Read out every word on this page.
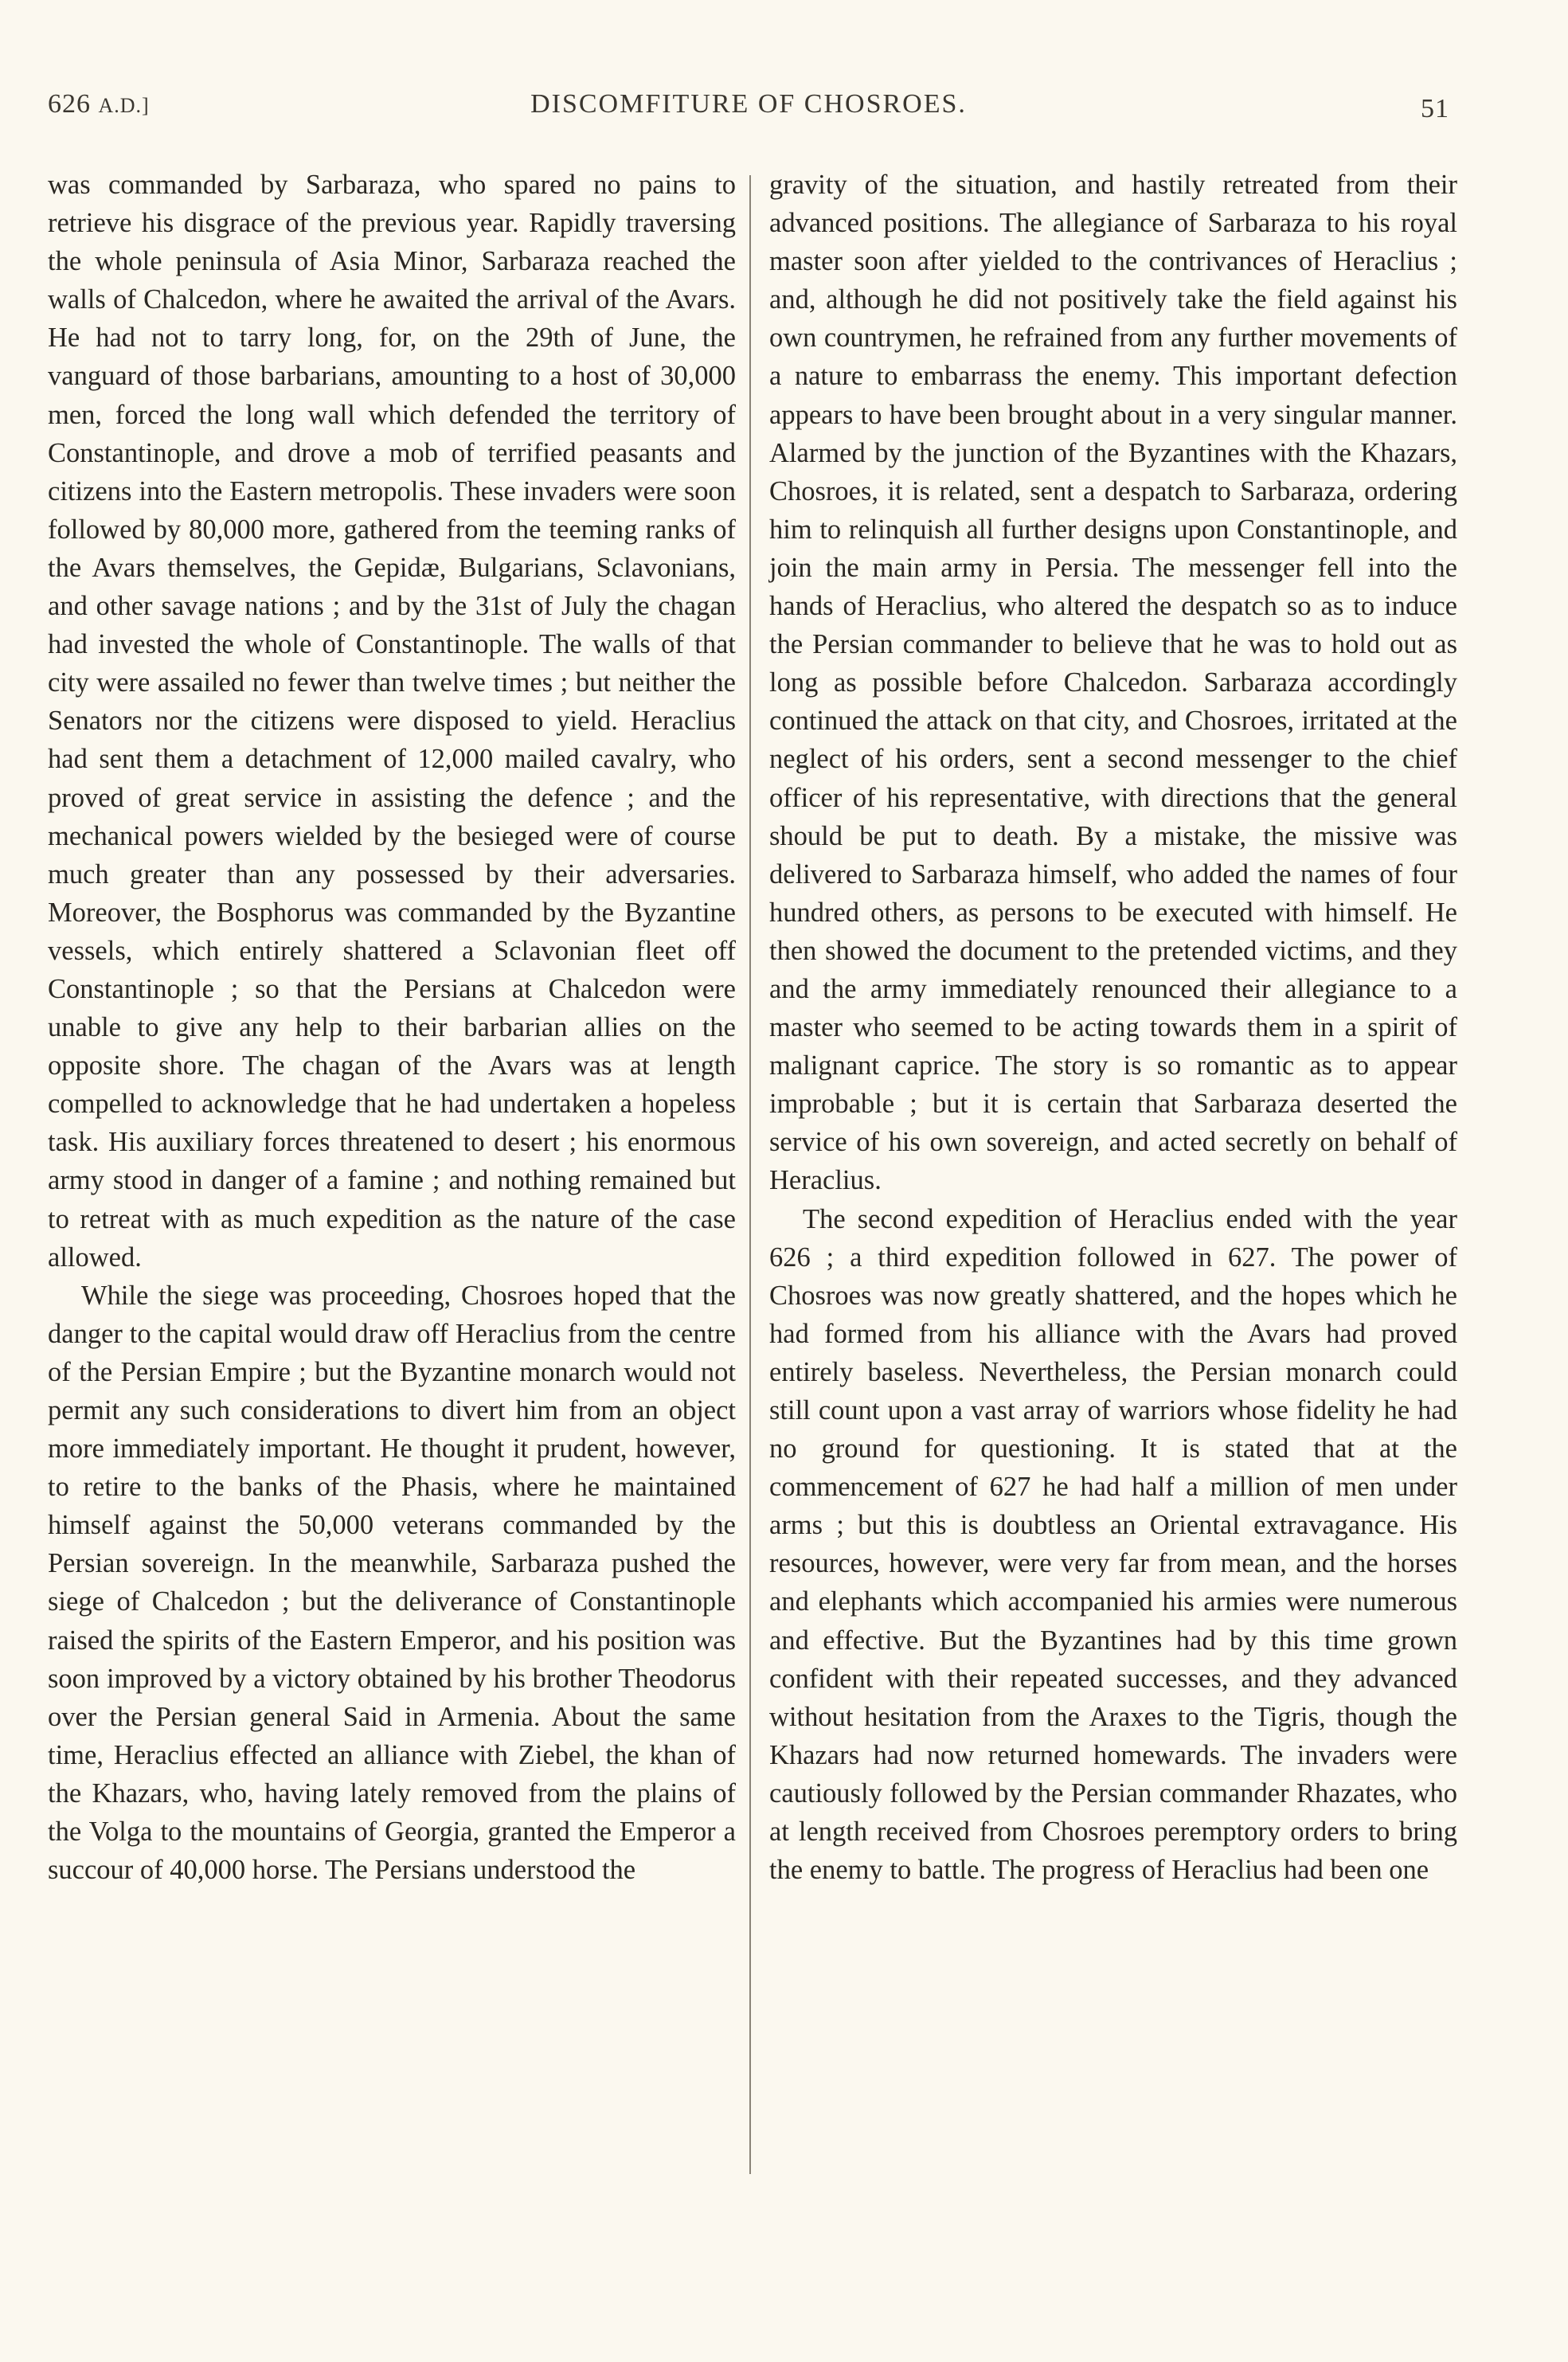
626 A.D.]	DISCOMFITURE OF CHOSROES.	51

was commanded by Sarbaraza, who spared no pains to retrieve his disgrace of the previous year. Rapidly traversing the whole peninsula of Asia Minor, Sarbaraza reached the walls of Chalcedon, where he awaited the arrival of the Avars. He had not to tarry long, for, on the 29th of June, the vanguard of those barbarians, amounting to a host of 30,000 men, forced the long wall which defended the territory of Constantinople, and drove a mob of terrified peasants and citizens into the Eastern metropolis. These invaders were soon followed by 80,000 more, gathered from the teeming ranks of the Avars themselves, the Gepidæ, Bulgarians, Sclavonians, and other savage nations ; and by the 31st of July the chagan had invested the whole of Constantinople. The walls of that city were assailed no fewer than twelve times ; but neither the Senators nor the citizens were disposed to yield. Heraclius had sent them a detachment of 12,000 mailed cavalry, who proved of great service in assisting the defence ; and the mechanical powers wielded by the besieged were of course much greater than any possessed by their adversaries. Moreover, the Bosphorus was commanded by the Byzantine vessels, which entirely shattered a Sclavonian fleet off Constantinople ; so that the Persians at Chalcedon were unable to give any help to their barbarian allies on the opposite shore. The chagan of the Avars was at length compelled to acknowledge that he had undertaken a hopeless task. His auxiliary forces threatened to desert ; his enormous army stood in danger of a famine ; and nothing remained but to retreat with as much expedition as the nature of the case allowed.

While the siege was proceeding, Chosroes hoped that the danger to the capital would draw off Heraclius from the centre of the Persian Empire ; but the Byzantine monarch would not permit any such considerations to divert him from an object more immediately important. He thought it prudent, however, to retire to the banks of the Phasis, where he maintained himself against the 50,000 veterans commanded by the Persian sovereign. In the meanwhile, Sarbaraza pushed the siege of Chalcedon ; but the deliverance of Constantinople raised the spirits of the Eastern Emperor, and his position was soon improved by a victory obtained by his brother Theodorus over the Persian general Said in Armenia. About the same time, Heraclius effected an alliance with Ziebel, the khan of the Khazars, who, having lately removed from the plains of the Volga to the mountains of Georgia, granted the Emperor a succour of 40,000 horse. The Persians understood the

gravity of the situation, and hastily retreated from their advanced positions. The allegiance of Sarbaraza to his royal master soon after yielded to the contrivances of Heraclius ; and, although he did not positively take the field against his own countrymen, he refrained from any further movements of a nature to embarrass the enemy. This important defection appears to have been brought about in a very singular manner. Alarmed by the junction of the Byzantines with the Khazars, Chosroes, it is related, sent a despatch to Sarbaraza, ordering him to relinquish all further designs upon Constantinople, and join the main army in Persia. The messenger fell into the hands of Heraclius, who altered the despatch so as to induce the Persian commander to believe that he was to hold out as long as possible before Chalcedon. Sarbaraza accordingly continued the attack on that city, and Chosroes, irritated at the neglect of his orders, sent a second messenger to the chief officer of his representative, with directions that the general should be put to death. By a mistake, the missive was delivered to Sarbaraza himself, who added the names of four hundred others, as persons to be executed with himself. He then showed the document to the pretended victims, and they and the army immediately renounced their allegiance to a master who seemed to be acting towards them in a spirit of malignant caprice. The story is so romantic as to appear improbable ; but it is certain that Sarbaraza deserted the service of his own sovereign, and acted secretly on behalf of Heraclius.

The second expedition of Heraclius ended with the year 626 ; a third expedition followed in 627. The power of Chosroes was now greatly shattered, and the hopes which he had formed from his alliance with the Avars had proved entirely baseless. Nevertheless, the Persian monarch could still count upon a vast array of warriors whose fidelity he had no ground for questioning. It is stated that at the commencement of 627 he had half a million of men under arms ; but this is doubtless an Oriental extravagance. His resources, however, were very far from mean, and the horses and elephants which accompanied his armies were numerous and effective. But the Byzantines had by this time grown confident with their repeated successes, and they advanced without hesitation from the Araxes to the Tigris, though the Khazars had now returned homewards. The invaders were cautiously followed by the Persian commander Rhazates, who at length received from Chosroes peremptory orders to bring the enemy to battle. The progress of Heraclius had been one
